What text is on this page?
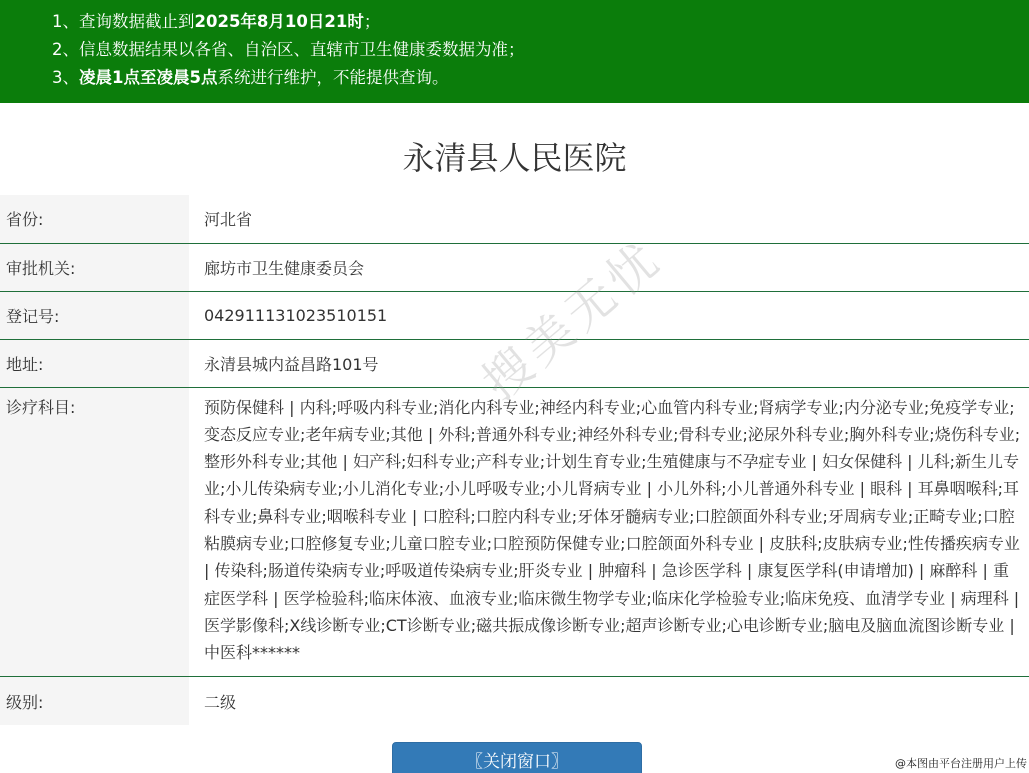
1、查询数据截止到2025年8月10日21时；
2、信息数据结果以各省、自治区、直辖市卫生健康委数据为准；
3、凌晨1点至凌晨5点系统进行维护，不能提供查询。
永清县人民医院
省份:	河北省
审批机关:	廊坊市卫生健康委员会
登记号:	042911131023510151
地址:	永清县城内益昌路101号
诊疗科目:	预防保健科 | 内科;呼吸内科专业;消化内科专业;神经内科专业;心血管内科专业;肾病学专业;内分泌专业;免疫学专业;变态反应专业;老年病专业;其他 | 外科;普通外科专业;神经外科专业;骨科专业;泌尿外科专业;胸外科专业;烧伤科专业;整形外科专业;其他 | 妇产科;妇科专业;产科专业;计划生育专业;生殖健康与不孕症专业 | 妇女保健科 | 儿科;新生儿专业;小儿传染病专业;小儿消化专业;小儿呼吸专业;小儿肾病专业 | 小儿外科;小儿普通外科专业 | 眼科 | 耳鼻咽喉科;耳科专业;鼻科专业;咽喉科专业 | 口腔科;口腔内科专业;牙体牙髓病专业;口腔颌面外科专业;牙周病专业;正畸专业;口腔粘膜病专业;口腔修复专业;儿童口腔专业;口腔预防保健专业;口腔颌面外科专业 | 皮肤科;皮肤病专业;性传播疾病专业 | 传染科;肠道传染病专业;呼吸道传染病专业;肝炎专业 | 肿瘤科 | 急诊医学科 | 康复医学科(申请增加) | 麻醉科 | 重症医学科 | 医学检验科;临床体液、血液专业;临床微生物学专业;临床化学检验专业;临床免疫、血清学专业 | 病理科 | 医学影像科;X线诊断专业;CT诊断专业;磁共振成像诊断专业;超声诊断专业;心电诊断专业;脑电及脑血流图诊断专业 | 中医科******
级别:	二级
〖关闭窗口〗
搜美无忧
@本图由平台注册用户上传
